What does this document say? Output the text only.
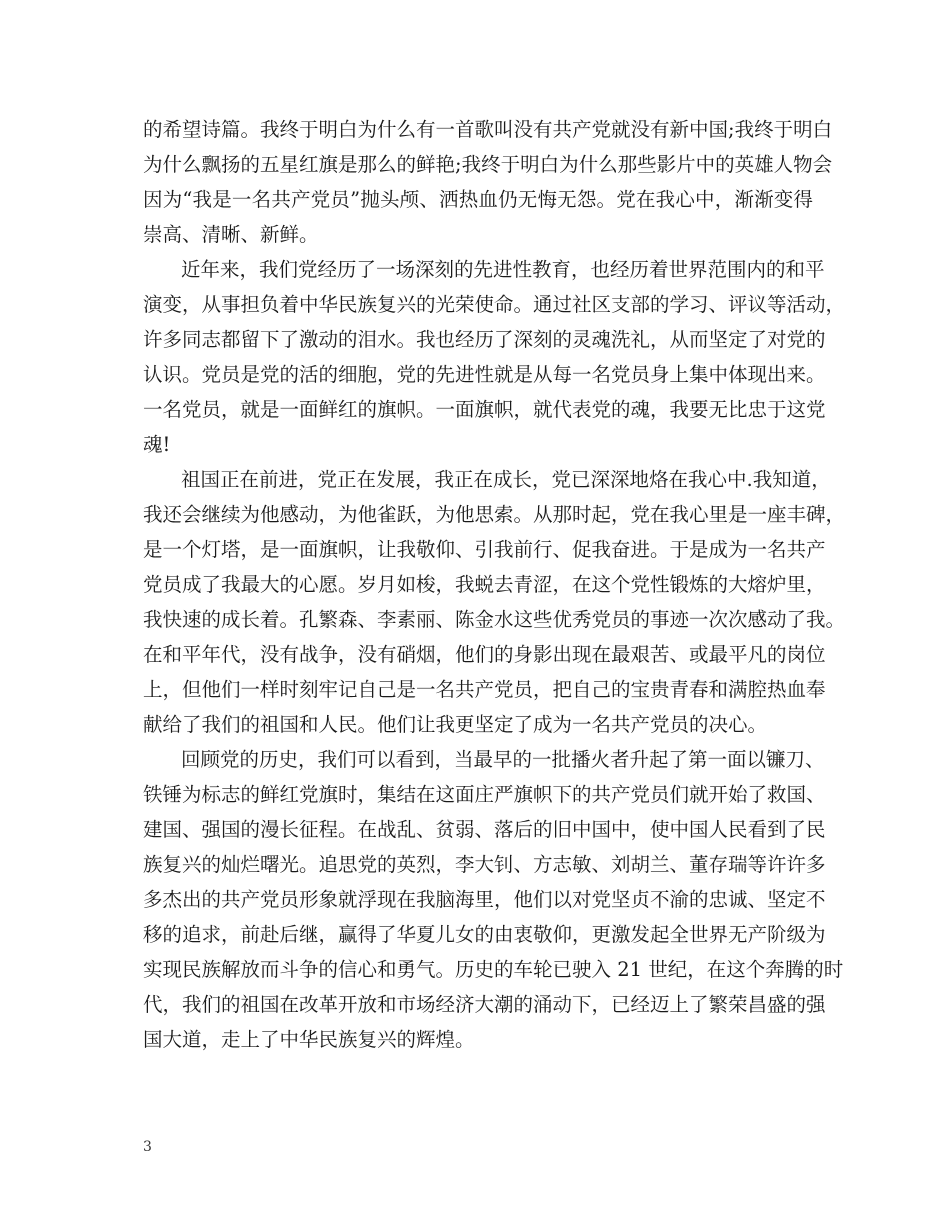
的希望诗篇。我终于明白为什么有一首歌叫没有共产党就没有新中国;我终于明白
为什么飘扬的五星红旗是那么的鲜艳;我终于明白为什么那些影片中的英雄人物会
因为“我是一名共产党员”抛头颅、洒热血仍无悔无怨。党在我心中，渐渐变得
崇高、清晰、新鲜。
近年来，我们党经历了一场深刻的先进性教育，也经历着世界范围内的和平
演变，从事担负着中华民族复兴的光荣使命。通过社区支部的学习、评议等活动，
许多同志都留下了激动的泪水。我也经历了深刻的灵魂洗礼，从而坚定了对党的
认识。党员是党的活的细胞，党的先进性就是从每一名党员身上集中体现出来。
一名党员，就是一面鲜红的旗帜。一面旗帜，就代表党的魂，我要无比忠于这党
魂!
祖国正在前进，党正在发展，我正在成长，党已深深地烙在我心中.我知道，
我还会继续为他感动，为他雀跃，为他思索。从那时起，党在我心里是一座丰碑，
是一个灯塔，是一面旗帜，让我敬仰、引我前行、促我奋进。于是成为一名共产
党员成了我最大的心愿。岁月如梭，我蜕去青涩，在这个党性锻炼的大熔炉里，
我快速的成长着。孔繁森、李素丽、陈金水这些优秀党员的事迹一次次感动了我。
在和平年代，没有战争，没有硝烟，他们的身影出现在最艰苦、或最平凡的岗位
上，但他们一样时刻牢记自己是一名共产党员，把自己的宝贵青春和满腔热血奉
献给了我们的祖国和人民。他们让我更坚定了成为一名共产党员的决心。
回顾党的历史，我们可以看到，当最早的一批播火者升起了第一面以镰刀、
铁锤为标志的鲜红党旗时，集结在这面庄严旗帜下的共产党员们就开始了救国、
建国、强国的漫长征程。在战乱、贫弱、落后的旧中国中，使中国人民看到了民
族复兴的灿烂曙光。追思党的英烈，李大钊、方志敏、刘胡兰、董存瑞等许许多
多杰出的共产党员形象就浮现在我脑海里，他们以对党坚贞不渝的忠诚、坚定不
移的追求，前赴后继，赢得了华夏儿女的由衷敬仰，更激发起全世界无产阶级为
实现民族解放而斗争的信心和勇气。历史的车轮已驶入 21 世纪，在这个奔腾的时
代，我们的祖国在改革开放和市场经济大潮的涌动下，已经迈上了繁荣昌盛的强
国大道，走上了中华民族复兴的辉煌。
3
